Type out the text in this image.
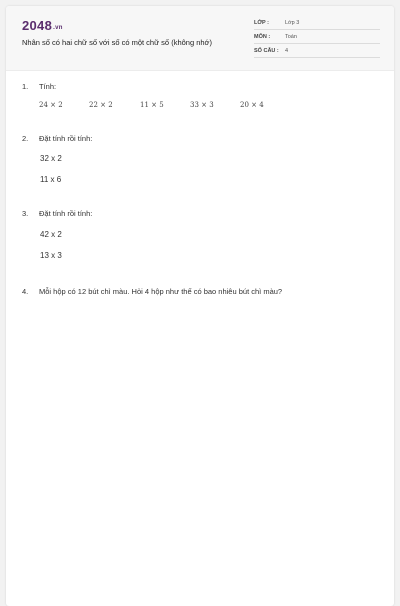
2048.vn
Nhân số có hai chữ số với số có một chữ số (không nhớ)
LỚP :	Lớp 3
MÔN :	Toán
SỐ CÂU : 4
1. Tính:
24 × 2	22 × 2	11 × 5	33 × 3	20 × 4
2. Đặt tính rồi tính:
32 x 2
11 x 6
3. Đặt tính rồi tính:
42 x 2
13 x 3
4. Mỗi hộp có 12 bút chì màu. Hỏi 4 hộp như thế có bao nhiêu bút chì màu?
